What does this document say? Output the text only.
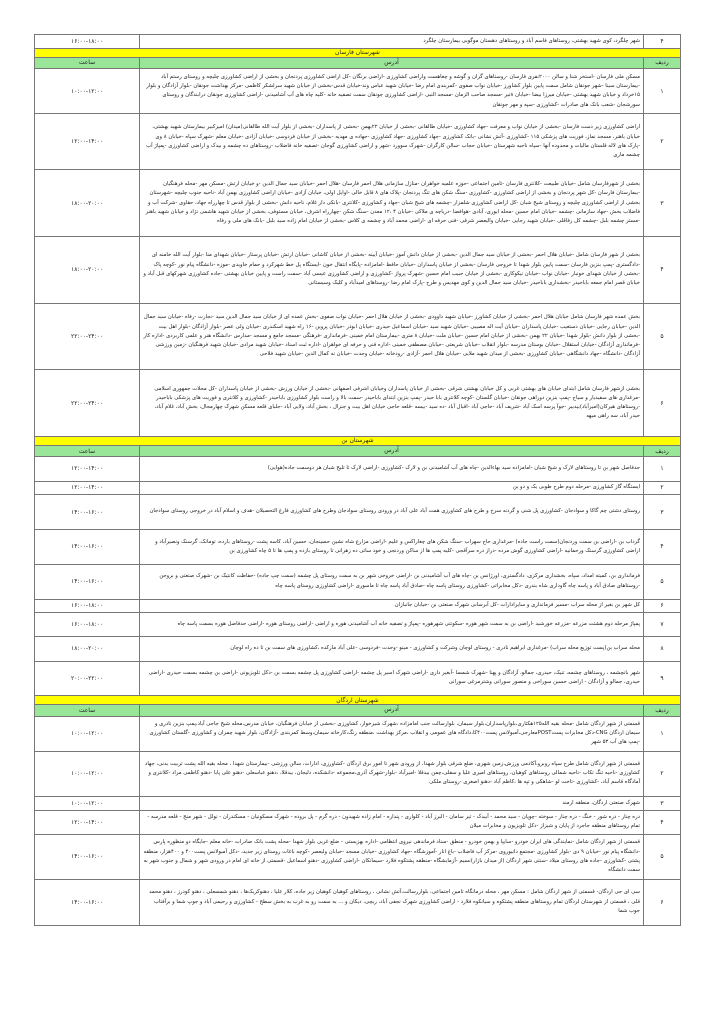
۴	شهر چلگرد، کوی شهید بهشتی، روستاهای قاسم آباد و روستاهای دهستان موگویی بیمارستان چلگرد	۱۶:۰۰-۱۸:۰۰
شهرستان فارسان		
ردیف	آدرس	ساعت
۱	مسکن ملی فارسان -استخر شنا و سالن ۲۰۰۰نفری فارسان -روستاهای گران و گوشه و چغاهست واراضی کشاورزی -اراضی برنگان -کل اراضی کشاورزی پردنجان و بخشی از اراضی کشاورزی چلیچه و روستای رستم آباد -بیمارستان سینا -شهر جونقان شامل سمت پایین بلوار کشاورز -خیابان نواب صفوی -کمربندی امام رضا -خیابان شهید عباس وند-خیابان قدس-بخشی از خیابان شهید سرلشکر کاظمی -مرکز بهداشت جونقان -بلوار آزادگان و بلوار ۱۵خرداد و خیابان شهید بهشتی -خیابان میرزا بیضا -خیابان ۸تیر -مسجد صاحب الزمان -مسجد النبی -اراضی کشاورزی جونقان سمت تصفیه خانه -کلیه چاه های آب آشامیدنی -اراضی کشاورزی جونقان درابندگان و روستای سورشجان -شعب بانک های صادرات -کشاورزی -سپه و مهر جونقان	۱۰:۰۰-۱۲:۰۰
۲	اراضی کشاورزی زیر دست فارسان -بخشی از خیابان نواب و معرفت -جهاد کشاورزی -خیابان طالقانی -بخشی از خیابان ۲۲بهمن -بخشی از پاسداران -بخشی از بلوار آیت الله طالقانی(میدان) امیرکبیر بیمارستان شهید بهشتی، خیابان باهنر، مسجد نماز، فوریت های پزشکی ۱۱۵ -کشاورزی -آتش نشانی -بانک کشاورزی -جهاد کشاورزی -جهاد کشاورزی -جهاده ی مهدیه -بخشی از خیابان فردوسی -خیابان آزادی -خیابان معلم -شهرک سپاه -خیابان ۸ وی -پارک های لاله قلستان مالیات و محدوده آنها -سپاه ناحیه شهرستان -خیابان حجاب -سالن کارگران -شهرک سوورد -شهر و اراضی کشاورزی گوجان -تصفیه خانه فاضلاب -روستاهای ده چشمه و بیدک و اراضی کشاورزی -پمپاژ آب چشمه ماری	۱۲:۰۰-۱۴:۰۰
۳	بخشی از شهرفارسان شامل -خیابان طبیعت -کلانتری فارسان -تامین اجتماعی -حوزه علمیه خواهران -منازل سازمانی هلال احمر فارسان -هلال احمر -خیابان سید جمال الدین -و خیابان ارتش -مسکن مهر -محله فرهنگیان -بیمارستان فارسان -کل شهر پردنجان و بخشی از اراضی کشاورزی -کشاورزی -سنگ شکن های تنگ پردنجان -پلاک های ۸ قابل خالی -اوایل اولی، خیابان آزادی -خیابان اراضی کشاورزی بهمن آباد -ناحیه جنوب چلیچه -شهرستان بخشی از اراضی کشاورزی چلیچه و روستای شیخ شبان -کل اراضی کشاورزی شلمزار -چشمه های شیخ شبان -جهاد و کشاورزی -کلانتری -بانکی دار غلام، ناحیه دانش -بخشی از بلوار قدس تا چهارراه جهاد، حقاوی -شرکت آب و فاضلاب بخش -جهاد سازمانی -چشمه -خیابان امام حسین -محله ایوری، آبادی -هوافضا -دریاچه ی ملاکی -خیابان ۴ ،۱۲ معدن -سنگ شکن -چهارراه اشرف، خیابان مستوفی، بخشی از خیابان شهید هاشمی نژاد و خیابان شهید باهنر -مستر چشمه بلبل -چشمه کل رفاقلی -خیابان شهید رجایی -خیابان والیعصر شرقی -فنی حرفه ای -اراضی محمد آباد و چشمه ی کلاس -بخشی از خیابان امام زاده سید بلبل -بانک های ملی و رفاه	۱۸:۰۰-۲۰:۰۰
۴	بخشی از شهر فارسان شامل -خیابان هلال احمر -بخشی از خیابان سید جمال الدین -بخشی از خیابان دانش آموز -خیابان آیینه -بخشی از خیابان کاشانی -خیابان ارتش -خیابان پرستار -خیابان شهدای منا -بلوار آیت الله خامنه ای -دادگستری -پمپ بنزین فارسان -سمت پایین بلوار شهدا تا خروجی فارسان -بخشی از خیابان پاسداران -خیابان حافظ -امامزاده -پایگاه انتقال خون -ایستگاه پل خط شهرکرد و حمام خاویدی -موزه -دانشگاه پیام نور -کوچه پاک -بخشی از خیابان شهدای خونبار -خیابان نواب -خیابان نیکوکاری -بخشی از خیابان حبیب امام حسین -شهرک پرواز -کشاورزی و اراضی کشاورزی عیسی آباد -سمت راست و پایین خیابان بهشتی -جاده کشاورزی شهرکهای قبل آباد و خیابان قصر امام جمعه باباحیدر -بخشداری باباحیدر -خیابان سید جمال الدین و کوی مهدیس و طرح -پارک امام رضا -روستاهای امیدآباد و کلیک وسیستانی	۱۸:۰۰-۲۰:۰۰
۵	بخش عمده شهر فارسان شامل خیابان هلال احمر -بخشی از خیابان کشاورز -خیابان شهید داوودی -بخشی از خیابان هلال احمر -خیابان نواب صفوی -بخش عمده ای از خیابان سید جمال الدین سید -نجارت -رفاه -خیابان سید جمال الدین -خیابان رجایی -خیابان دستغیب -خیابان پاسداران -خیابان آیت اله مصیبی -خیابان شهید سید -خیابان اسماعیل حیدری -خیابان ابوذر -خیابان پروین -۱۶ راه شهید اسکندری -خیابان ولی عصر -بلوار آزادگان -بلوار اهل بیت -بخشی از بلوار دانش -بلوار شهدا -خیابان ۲۲ بهمن -بخشی از خیابان امام حسین -خیابان ملت -خیابان ۸ متری -بیمارستان امام خمینی -فرمانداری -فرهنگی -مسجد جامع و مسجد -مدارس -دانشگاه هنر و علمی کاربردی -اداره کار -فرمانداری آزادگان -خیابان استقلال -خیابان بوستان مدرسه -بلوار انقلاب -خیابان شریعتی -خیابان مصطفی خمینی -اداره فنی و حرفه ای خواهران -اداره ثبت اسناد -خیابان شهید مرادی -خیابان شهید فرهنگیان -زمین ورزشی آزادگان -دانشگاه -جهاد دانشگاهی -خیابان کشاورزی -بخشی از میدان شهید ملایی -خیابان هلال احمر -آزادی -رودخانه -خیابان وحدت -خیابان نه کمال الدین -خیابان شهید فلاحی	۲۲:۰۰-۲۴:۰۰
۶	بخشی ازشهر فارسان شامل ابتدای خیابان های بهشتی غربی و کل خیابان بهشتی شرقی -بخشی از خیابان پاسداران وخیابان اشرفی اصفهانی -بخشی از خیابان ورزش -بخشی از خیابان پاسداران -کل محلات جمهوری اسلامی -مرغداری های سفیدیار و سیاج -پمپ بنزین دوراهی جونقان -خیابان گلستان -کوچه کلانتری بابا حیدر -پمپ بنزین ابتدای باباحیدر -سمت بالا و راست بلوار کشاورزی باباحیدر -کشاورزی و کلانتری و فوریت های پزشکی باباحیدر -روستاهای هیرکان(امیرآباد)بیدبیر -جوآ پرسه اسک آباد -شریف آباد -حاجی آباد -اقبال آباد -ده سید -بیسه -قلعه حاجی خیابان اهل بیت و جنرال ، بخش آباد، ولایی آباد -جلبای قلعه مسکن شهرک چهارمحال، بخش آباد، غلام آباد، حیدر آباد، سه راهی میهه	۲۲:۰۰-۲۴:۰۰
شهرستان بن		
ردیف	آدرس	ساعت
۱	حدفاصل شهر بن تا روستاهای لارک و شیخ شبان -امامزاده سید بهاءالدین -چاه های آب آشامیدنی بن و لارک -کشاورزی -اراضی لارک تا تلیخ شبان هر دوسمت جاده(هوایی)	۱۲:۰۰-۱۴:۰۰
۲	ایستگاه گاز کشاورزی -مرحله دوم طرح طوبی یک و دو بن	۱۲:۰۰-۱۴:۰۰
۳	روستای دشتی چم گاکا و سوادجان -کشاورزی پل شنی و گردنه سرخ و طرح های کشاورزی همت آباد علی آباد در ورودی روستای سوادجان وطرح های کشاورزی فارغ التحصیلان -هدف و اسلام آباد در خروجی روستای سوادجان	۱۴:۰۰-۱۶:۰۰
۴	گرداب بن -اراضی بن سمت وردنجان(سمت راست جاده) -مرغداری حاج سهراب -سنگ شکن های چغاراکس و علیم -اراضی مزارع شاه نشین حسینجان، حسین آباد، کاسه پشت -روستاهای بارده، تومانک، گرسنک ونصیرآباد و اراضی کشاورزی گرسنک ورحمانیه -اراضی کشاورزی گوش مرده -دراز دره سرآقجی -کلیه پمپ ها از ساکن وردنجی و خود ساتی ده زهرانی تا روستای بازده و پمپ ها تا ۵ چاه کشاورزی بن	۱۴:۰۰-۱۶:۰۰
۵	فرمانداری بن، کمیته امداد، سپاه، بخشداری مرکزی، دادگستری، اورژانس بن -چاه های آب آشامیدنی بن -اراضی خروجی شهر بن به سمت روستای پل چشمه (سمت چپ جاده) -حفاظت کانتیک بن -شهرک صنعتی و بروجن -روستاهای صادق آباد و پاسه چاه گاوداری شاه بندری -دکل مخابراتی -کشاورزی روستای پاسه چاه -صادق آباد پاسه چاه تا ماسوری -اراضی کشاورزی روستای پاسه چاه	۱۴:۰۰-۱۶:۰۰
۶	کل شهر بن بغیر از محله سراب -مسیر فرمانداری و سایرادارات -کل آبرسانی شهرک صنعتی بن -خیابان جانبازان	۱۶:۰۰-۱۸:۰۰
۷	پمپاژ مرحله دوم هشتت مزرعه -مزرعه خورشید -اراضی بن به سمت شهر هوره -سکونتی شهرهوره -پمپاژ و تصفیه خانه آب آشامیدنی هوره و اراضی -اراضی روستای هوره -اراضی حدفاصل هوره بسمت پاسه چاه	۱۶:۰۰-۱۸:۰۰
۸	محله سراب بن(پست توزیع محله سراب) -مرغداری ابراهیم نادری - روستای لوچان وشرکت و کشاورزی - مینو -وحدت -فردوسی -علی آباد مارکده ،کشاورزی های سمت بن تا ده راه لوچان	۱۸:۰۰-۲۰:۰۰
۹	شهر بانچشمه ، روستاهای چشمه، تنیک، حیدری، جمالو، آزادگان و پهنا -شهرک شمسا -آبغیر داری -اراضی شهرک اسیر پل چشمه -اراضی کشاورزی پل چشمه بسمت بن -دکل تلویزیونی -اراضی بن چشمه بسمت حیدری -اراضی حیدری، جمالو و آزادگان - اراضی حسین سوراخی و منصور سورانی وشترمرغی سورانی	۲۰:۰۰-۲۲:۰۰
شهرستان اردگان		
ردیف	آدرس	ساعت
۱	قسمتی از شهر اردگان شامل -محله بقیه الله۱۲۵هکتاری،بلوارپاسداران،بلوار سیمان، بلوارسالت جنب امامزاده ،شهرک شیرخوار، کشاورزی -بخشی از خیابان فرهنگیان، خیابان مدرس،محله شیخ جاجی آباد،پمپ بنزین نادری و سیمان اردگان CNG-دکل مخابرات پستPOSTمعارجی،آمبولانس پست۴۰۰کا،دادگاه های عمومی و انقلاب ،مرکز بهداشت ،منطقه رنگ،کارخانه سیمان،وسط کمربندی -آزادگان، بلوار شهید چمران و کشاورزی -گلستان کشاورزی -پمپ های آب ۵۳ شهر	۱۰:۰۰-۱۲:۰۰
۲	قسمتی از شهر اردگان شامل طرح سپاه روبرو،آکادمی ورزش،زمین شهری، ضلع شرقی بلوار شهدا، از ورودی شهر تا امور برق اردگان -کشاورزی، ادارات، سالن ورزشی -بیمارستان شهدا ، محله بقیه الله پشت تربیت بدنی، جهاد کشاورزی -ناحیه تنگ تکاب -ناحیه شمالی روستاهای کوهیان، روستاهای امیری علیا و سفلی،چمن بیدقلا -امیرآباد -بلوار-شهرک آذری،مجموعه -دانشکده، دلیجان، بیدقلا، ،دهنو عباسعلی -دهنو علی پایا -دهنو کاظمی مراد -کلانتری و آمادگاه قاسم آباد، -کشاورزی -تاخت لو -شاهکی و تپه ها ،کاظم آباد -دهنو اصغری -روستای ملکی	۱۰:۰۰-۱۲:۰۰
۳	شهرک صنعتی اردگان، منطقه ارمند	۱۰:۰۰-۱۲:۰۰
۴	دره چنار - دره شور - خنگ - دره چنار - سوخته -چوپان - سید محمد - آبیدک - تیر سامان - البرز آباد - کلواری - پنداره - امام زاده شهیدون - دره گرم - پل بروده - شهرک مسکونیان - مسکندران - نولل - شهر منج - قلعه مدرسه - تمام روستاهای منطقه جاجرد از پایان و شیزاز -دکل تلویزیون و مخابرات میلان	۱۲:۰۰-۱۴:۰۰
۵	قسمتی از شهر اردگان شامل -نمایندگی های ایران خودرو -سایپا و بهمن خودرو - منطق -سناد فرماندهی نیروی انتظامی -اداره بهزیستی - ضلع غربی بلوار شهدا -محله پشت بانک صادرات -خانه معلم -جایگاه دو منظوره پارس -دانشگاه پیام نور -خیابان ۹ دی -بلوار کشاورزی -مجتمع دانیوروی -مرکز آب فاضلاب -باغ انار -آموزشگاه -جهاد کشاورزی -خیابان مسجد -خیابان ولیعصر -کوچه باغات روستای زیر جدید، -دکل آمبولانس پست۴۰۰ و ۴۰۰هزار، منطقه پشتی -کشاورزی -جاده های روستای میلاد -سنتی شهر اردگان (از میدان بازار)نسیم -آزمایشگاه -منطقه پشتکوه فلارد -سیمانکان -اراضی کشاورزی -دهنو اسماعیل -قسمتی از خانه ای امام در ورودی شهر و شمال و جنوب شهر به سمت دانشگاه	۱۴:۰۰-۱۶:۰۰
۶	سی ای جی اردگان- قسمتی از شهر اردگان شامل : مسکن مهر ، محله درمانگاه تامین اجتماعی، بلواررسالت،آتش نشانی ، روستاهای کوهیان کوهیان زیر جاده، کلار علیا ، دهنوکریک‌ها ، دهنو شمسعلی ، دهنو کودرز ، دهنو محمد قلی ، قسمتی از شهرستان لردگان تمام روستاهای منطقه پشتکوه و سیانکوه فلارد - اراضی کشاورزی شهرک نجفی آباد، ریچی، دیکان و ... به سمت رو به غرب به بخش سطح - کشاورزی و رحیمی آباد و جوپ شما و برآفتاب جوب شما	۱۴:۰۰-۱۶:۰۰
